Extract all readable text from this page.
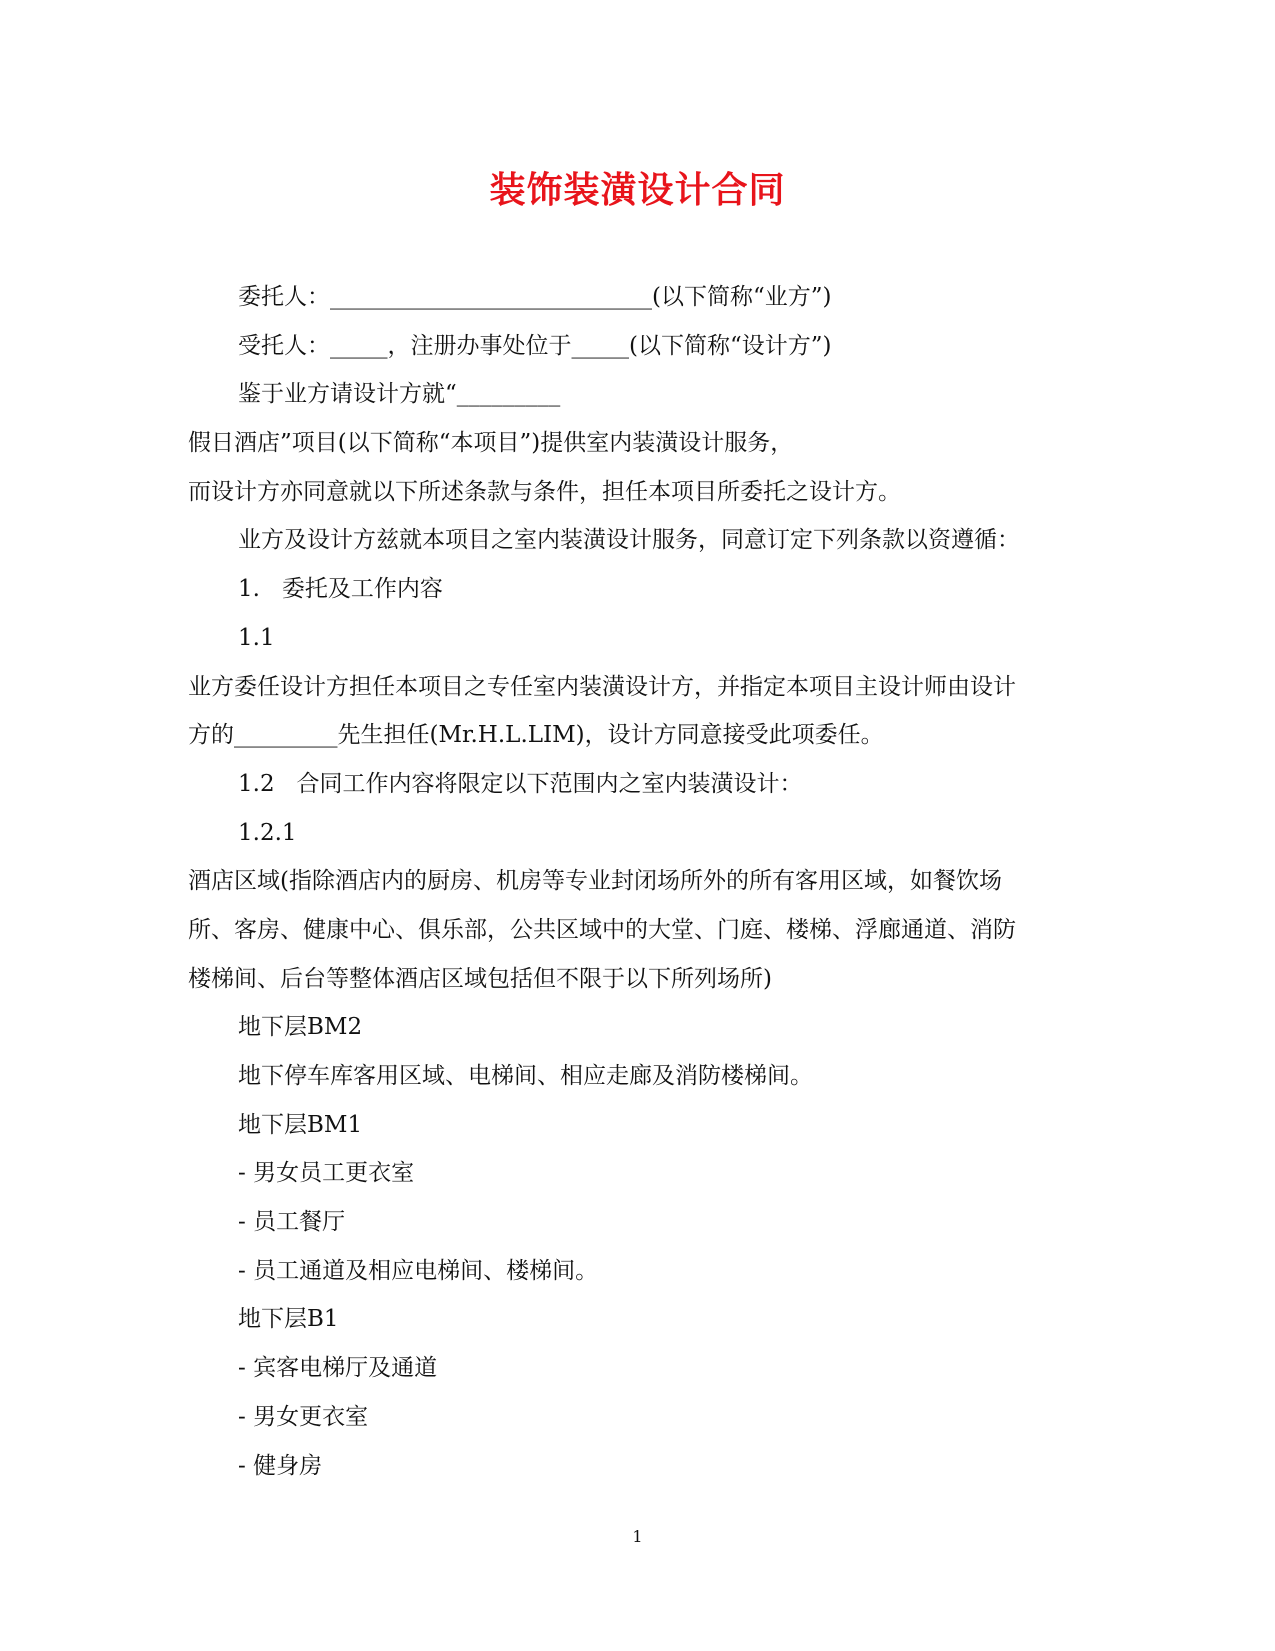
装饰装潢设计合同
委托人：____________________________(以下简称“业方”)
受托人：_____，注册办事处位于_____(以下简称“设计方”)
鉴于业方请设计方就“_________
假日酒店”项目(以下简称“本项目”)提供室内装潢设计服务，
而设计方亦同意就以下所述条款与条件，担任本项目所委托之设计方。
业方及设计方兹就本项目之室内装潢设计服务，同意订定下列条款以资遵循：
1.   委托及工作内容
1.1
业方委任设计方担任本项目之专任室内装潢设计方，并指定本项目主设计师由设计
方的_________先生担任(Mr.H.L.LIM)，设计方同意接受此项委任。
1.2   合同工作内容将限定以下范围内之室内装潢设计：
1.2.1
酒店区域(指除酒店内的厨房、机房等专业封闭场所外的所有客用区域，如餐饮场
所、客房、健康中心、俱乐部，公共区域中的大堂、门庭、楼梯、浮廊通道、消防
楼梯间、后台等整体酒店区域包括但不限于以下所列场所)
地下层BM2
地下停车库客用区域、电梯间、相应走廊及消防楼梯间。
地下层BM1
- 男女员工更衣室
- 员工餐厅
- 员工通道及相应电梯间、楼梯间。
地下层B1
- 宾客电梯厅及通道
- 男女更衣室
- 健身房
1
